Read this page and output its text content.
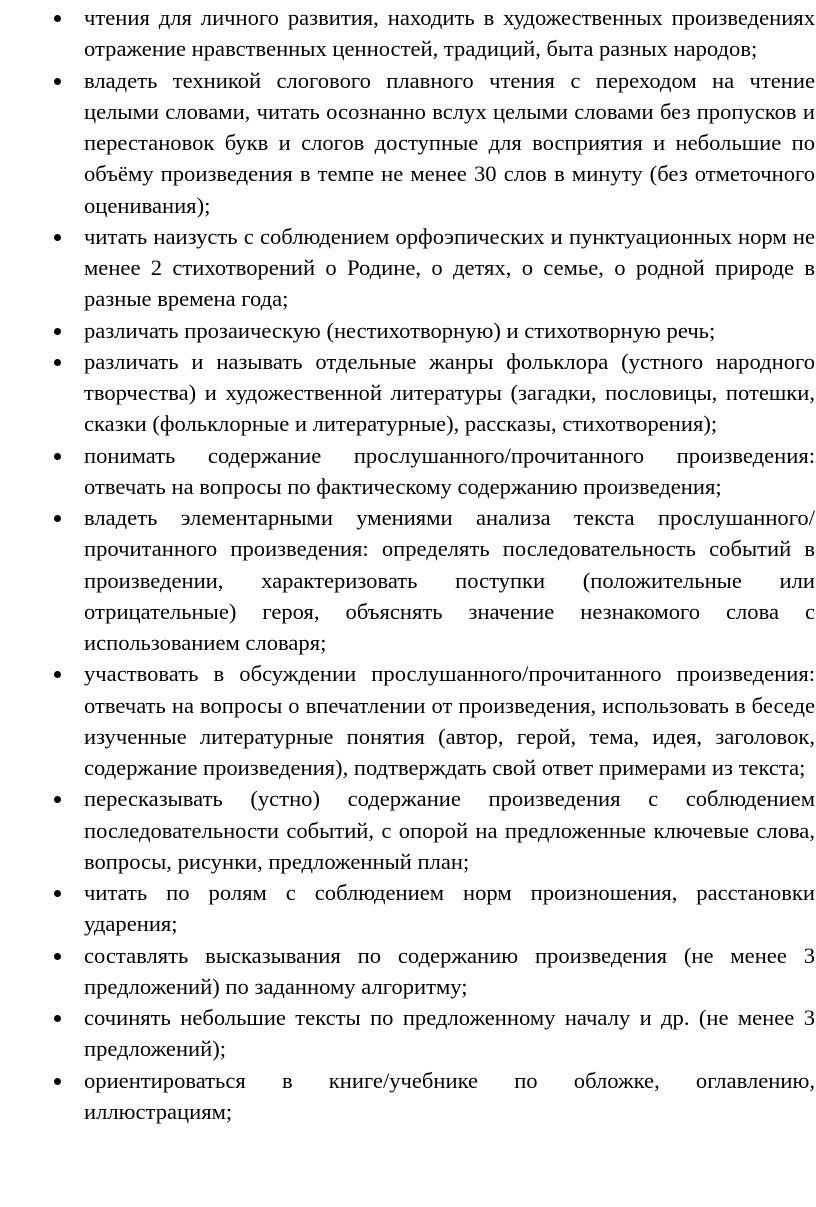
чтения для личного развития, находить в художественных произведениях отражение нравственных ценностей, традиций, быта разных народов;
владеть техникой слогового плавного чтения с переходом на чтение целыми словами, читать осознанно вслух целыми словами без пропусков и перестановок букв и слогов доступные для восприятия и небольшие по объёму произведения в темпе не менее 30 слов в минуту (без отметочного оценивания);
читать наизусть с соблюдением орфоэпических и пунктуационных норм не менее 2 стихотворений о Родине, о детях, о семье, о родной природе в разные времена года;
различать прозаическую (нестихотворную) и стихотворную речь;
различать и называть отдельные жанры фольклора (устного народного творчества) и художественной литературы (загадки, пословицы, потешки, сказки (фольклорные и литературные), рассказы, стихотворения);
понимать содержание прослушанного/прочитанного произведения: отвечать на вопросы по фактическому содержанию произведения;
владеть элементарными умениями анализа текста прослушанного/прочитанного произведения: определять последовательность событий в произведении, характеризовать поступки (положительные или отрицательные) героя, объяснять значение незнакомого слова с использованием словаря;
участвовать в обсуждении прослушанного/прочитанного произведения: отвечать на вопросы о впечатлении от произведения, использовать в беседе изученные литературные понятия (автор, герой, тема, идея, заголовок, содержание произведения), подтверждать свой ответ примерами из текста;
пересказывать (устно) содержание произведения с соблюдением последовательности событий, с опорой на предложенные ключевые слова, вопросы, рисунки, предложенный план;
читать по ролям с соблюдением норм произношения, расстановки ударения;
составлять высказывания по содержанию произведения (не менее 3 предложений) по заданному алгоритму;
сочинять небольшие тексты по предложенному началу и др. (не менее 3 предложений);
ориентироваться в книге/учебнике по обложке, оглавлению, иллюстрациям;
